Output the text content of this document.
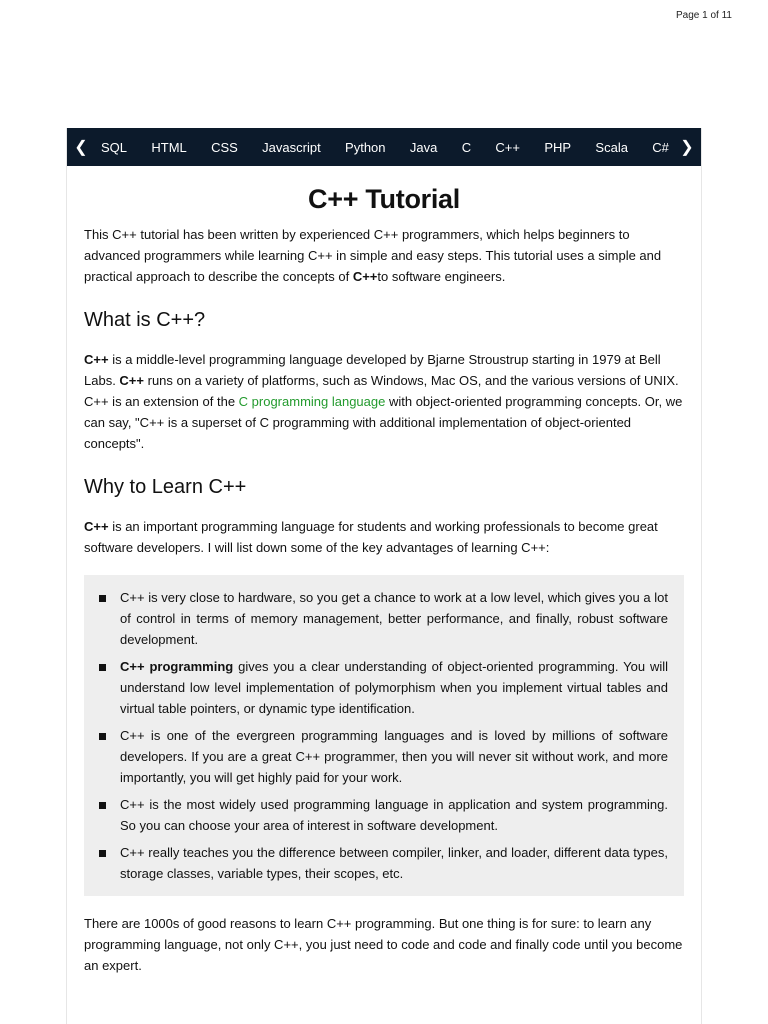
Page 1 of 11
❮	SQL HTML CSS Javascript Python Java C C++ PHP Scala C# ❯
C++ Tutorial

This C++ tutorial has been written by experienced C++ programmers, which helps beginners to advanced programmers while learning C++ in simple and easy steps. This tutorial uses a simple and practical approach to describe the concepts of C++to software engineers.

What is C++?

C++ is a middle-level programming language developed by Bjarne Stroustrup starting in 1979 at Bell Labs. C++ runs on a variety of platforms, such as Windows, Mac OS, and the various versions of UNIX. C++ is an extension of the C programming language with object-oriented programming concepts. Or, we can say, "C++ is a superset of C programming with additional implementation of object-oriented concepts".

Why to Learn C++

C++ is an important programming language for students and working professionals to become great software developers. I will list down some of the key advantages of learning C++:

C++ is very close to hardware, so you get a chance to work at a low level, which gives you a lot of control in terms of memory management, better performance, and finally, robust software development.
C++ programming gives you a clear understanding of object-oriented programming. You will understand low level implementation of polymorphism when you implement virtual tables and virtual table pointers, or dynamic type identification.
C++ is one of the evergreen programming languages and is loved by millions of software developers. If you are a great C++ programmer, then you will never sit without work, and more importantly, you will get highly paid for your work.
C++ is the most widely used programming language in application and system programming. So you can choose your area of interest in software development.
C++ really teaches you the difference between compiler, linker, and loader, different data types, storage classes, variable types, their scopes, etc.

There are 1000s of good reasons to learn C++ programming. But one thing is for sure: to learn any programming language, not only C++, you just need to code and code and finally code until you become an expert.
